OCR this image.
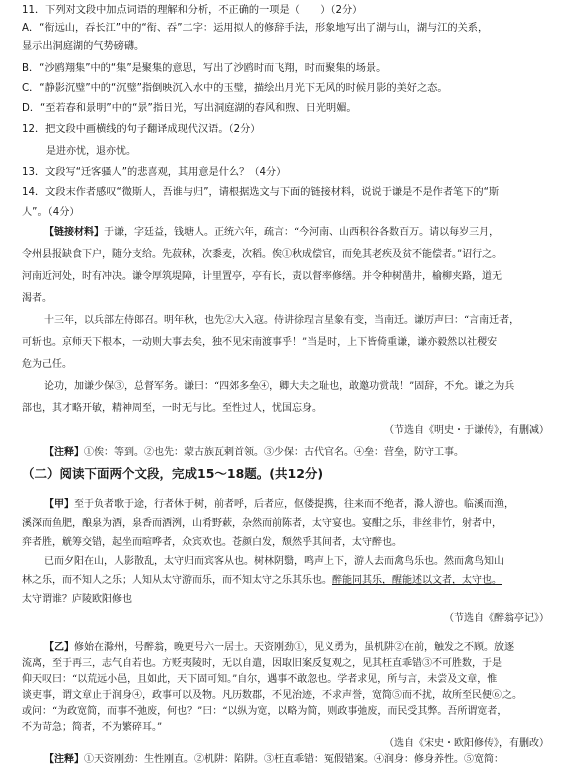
11．下列对文段中加点词语的理解和分析，不正确的一项是（　　）（2分）
A．“衔远山，吞长江”中的“衔、吞”二字：运用拟人的修辞手法，形象地写出了湖与山，湖与江的关系，
显示出洞庭湖的气势磅礴。
B．“沙鸥翔集”中的“集”是聚集的意思，写出了沙鸥时而飞翔，时而聚集的场景。
C．“静影沉璧”中的“沉璧”指倒映沉入水中的玉璧，描绘出月光下无风的时候月影的美好之态。
D．“至若春和景明”中的“景”指日光，写出洞庭湖的春风和煦、日光明媚。
12．把文段中画横线的句子翻译成现代汉语。（2分）
是进亦忧，退亦忧。
13．文段写“迁客骚人”的悲喜观，其用意是什么？（4分）
14．文段末作者感叹“微斯人，吾谁与归”，请根据选文与下面的链接材料，说说于谦是不是作者笔下的“斯
人”。（4分）
【链接材料】于谦，字廷益，钱塘人。正统六年，疏言：“今河南、山西积谷各数百万。请以每岁三月，
令州县报缺食下户，随分支给。先菽秫，次黍麦，次稻。俟①秋成偿官，而免其老疾及贫不能偿者。”诏行之。
河南近河处，时有冲决。谦令厚筑堤障，计里置亭，亭有长，责以督率修缮。并令种树凿井，榆柳夹路，道无
渴者。
十三年，以兵部左侍郎召。明年秋，也先②大入寇。侍讲徐珵言星象有变，当南迁。谦厉声曰：“言南迁者，
可斩也。京师天下根本，一动则大事去矣，独不见宋南渡事乎！”当是时，上下皆倚重谦，谦亦毅然以社稷安
危为己任。
论功，加谦少保③，总督军务。谦曰：“四郊多垒④，卿大夫之耻也，敢邀功赏哉！”固辞，不允。谦之为兵
部也，其才略开敏，精神周至，一时无与比。至性过人，忧国忘身。
（节选自《明史・于谦传》，有删减）
【注释】①俟：等到。②也先：蒙古族瓦剌首领。③少保：古代官名。④垒：营垒，防守工事。
（二）阅读下面两个文段，完成15～18题。(共12分)
【甲】至于负者歌于途，行者休于树，前者呼，后者应，伛偻提携，往来而不绝者，滁人游也。临溪而渔，
溪深而鱼肥，酿泉为酒，泉香而酒洌，山肴野蔌，杂然而前陈者，太守宴也。宴酣之乐，非丝非竹，射者中，
弈者胜，觥筹交错，起坐而喧哗者，众宾欢也。苍颜白发，颓然乎其间者，太守醉也。
已而夕阳在山，人影散乱，太守归而宾客从也。树林阴翳，鸣声上下，游人去而禽鸟乐也。然而禽鸟知山
林之乐，而不知人之乐；人知从太守游而乐，而不知太守之乐其乐也。醉能同其乐，醒能述以文者，太守也。
太守谓谁？庐陵欧阳修也
（节选自《醉翁亭记》）
【乙】修始在滁州，号醉翁，晚更号六一居士。天资刚劲①，见义勇为，虽机阱②在前，触发之不顾。放逐
流离，至于再三，志气自若也。方贬夷陵时，无以自遣，因取旧案反复观之，见其枉直乖错③不可胜数，于是
仰天叹曰：“以荒远小邑，且如此，天下固可知。”自尔，遇事不敢忽也。学者求见，所与言，未尝及文章，惟
谈吏事，谓文章止于润身④，政事可以及物。凡历数郡，不见治迹，不求声誉，宽简⑤而不扰，故所至民便⑥之。
或问：“为政宽简，而事不弛废，何也？”曰：“以纵为宽，以略为简，则政事弛废，而民受其弊。吾所谓宽者，
不为苛急；简者，不为繁碎耳。”
（选自《宋史・欧阳修传》，有删改）
【注释】①天资刚劲：生性刚直。②机阱：陷阱。③枉直乖错：冤假错案。④润身：修身养性。⑤宽简：
